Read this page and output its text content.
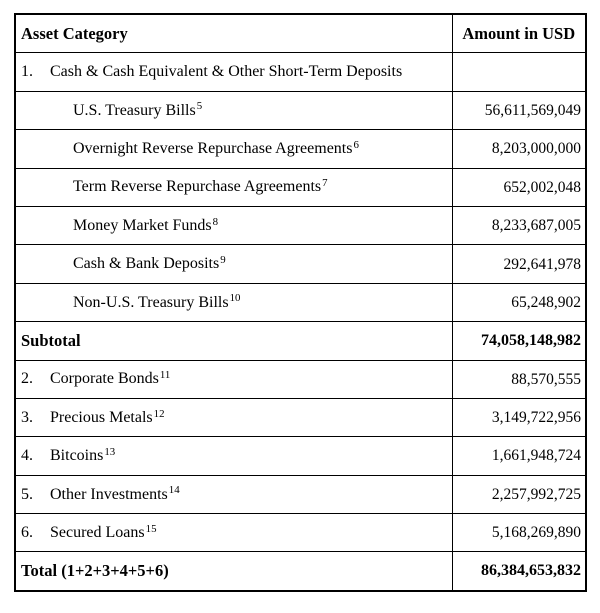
Asset Category	Amount in USD
1. Cash & Cash Equivalent & Other Short-Term Deposits	
U.S. Treasury Bills$^5$	56,611,569,049
Overnight Reverse Repurchase Agreements$^6$	8,203,000,000
Term Reverse Repurchase Agreements$^7$	652,002,048
Money Market Funds$^8$	8,233,687,005
Cash & Bank Deposits$^9$	292,641,978
Non-U.S. Treasury Bills$^{10}$	65,248,902
Subtotal	74,058,148,982
2. Corporate Bonds$^{11}$	88,570,555
3. Precious Metals$^{12}$	3,149,722,956
4. Bitcoins$^{13}$	1,661,948,724
5. Other Investments$^{14}$	2,257,992,725
6. Secured Loans$^{15}$	5,168,269,890
Total (1+2+3+4+5+6)	86,384,653,832
